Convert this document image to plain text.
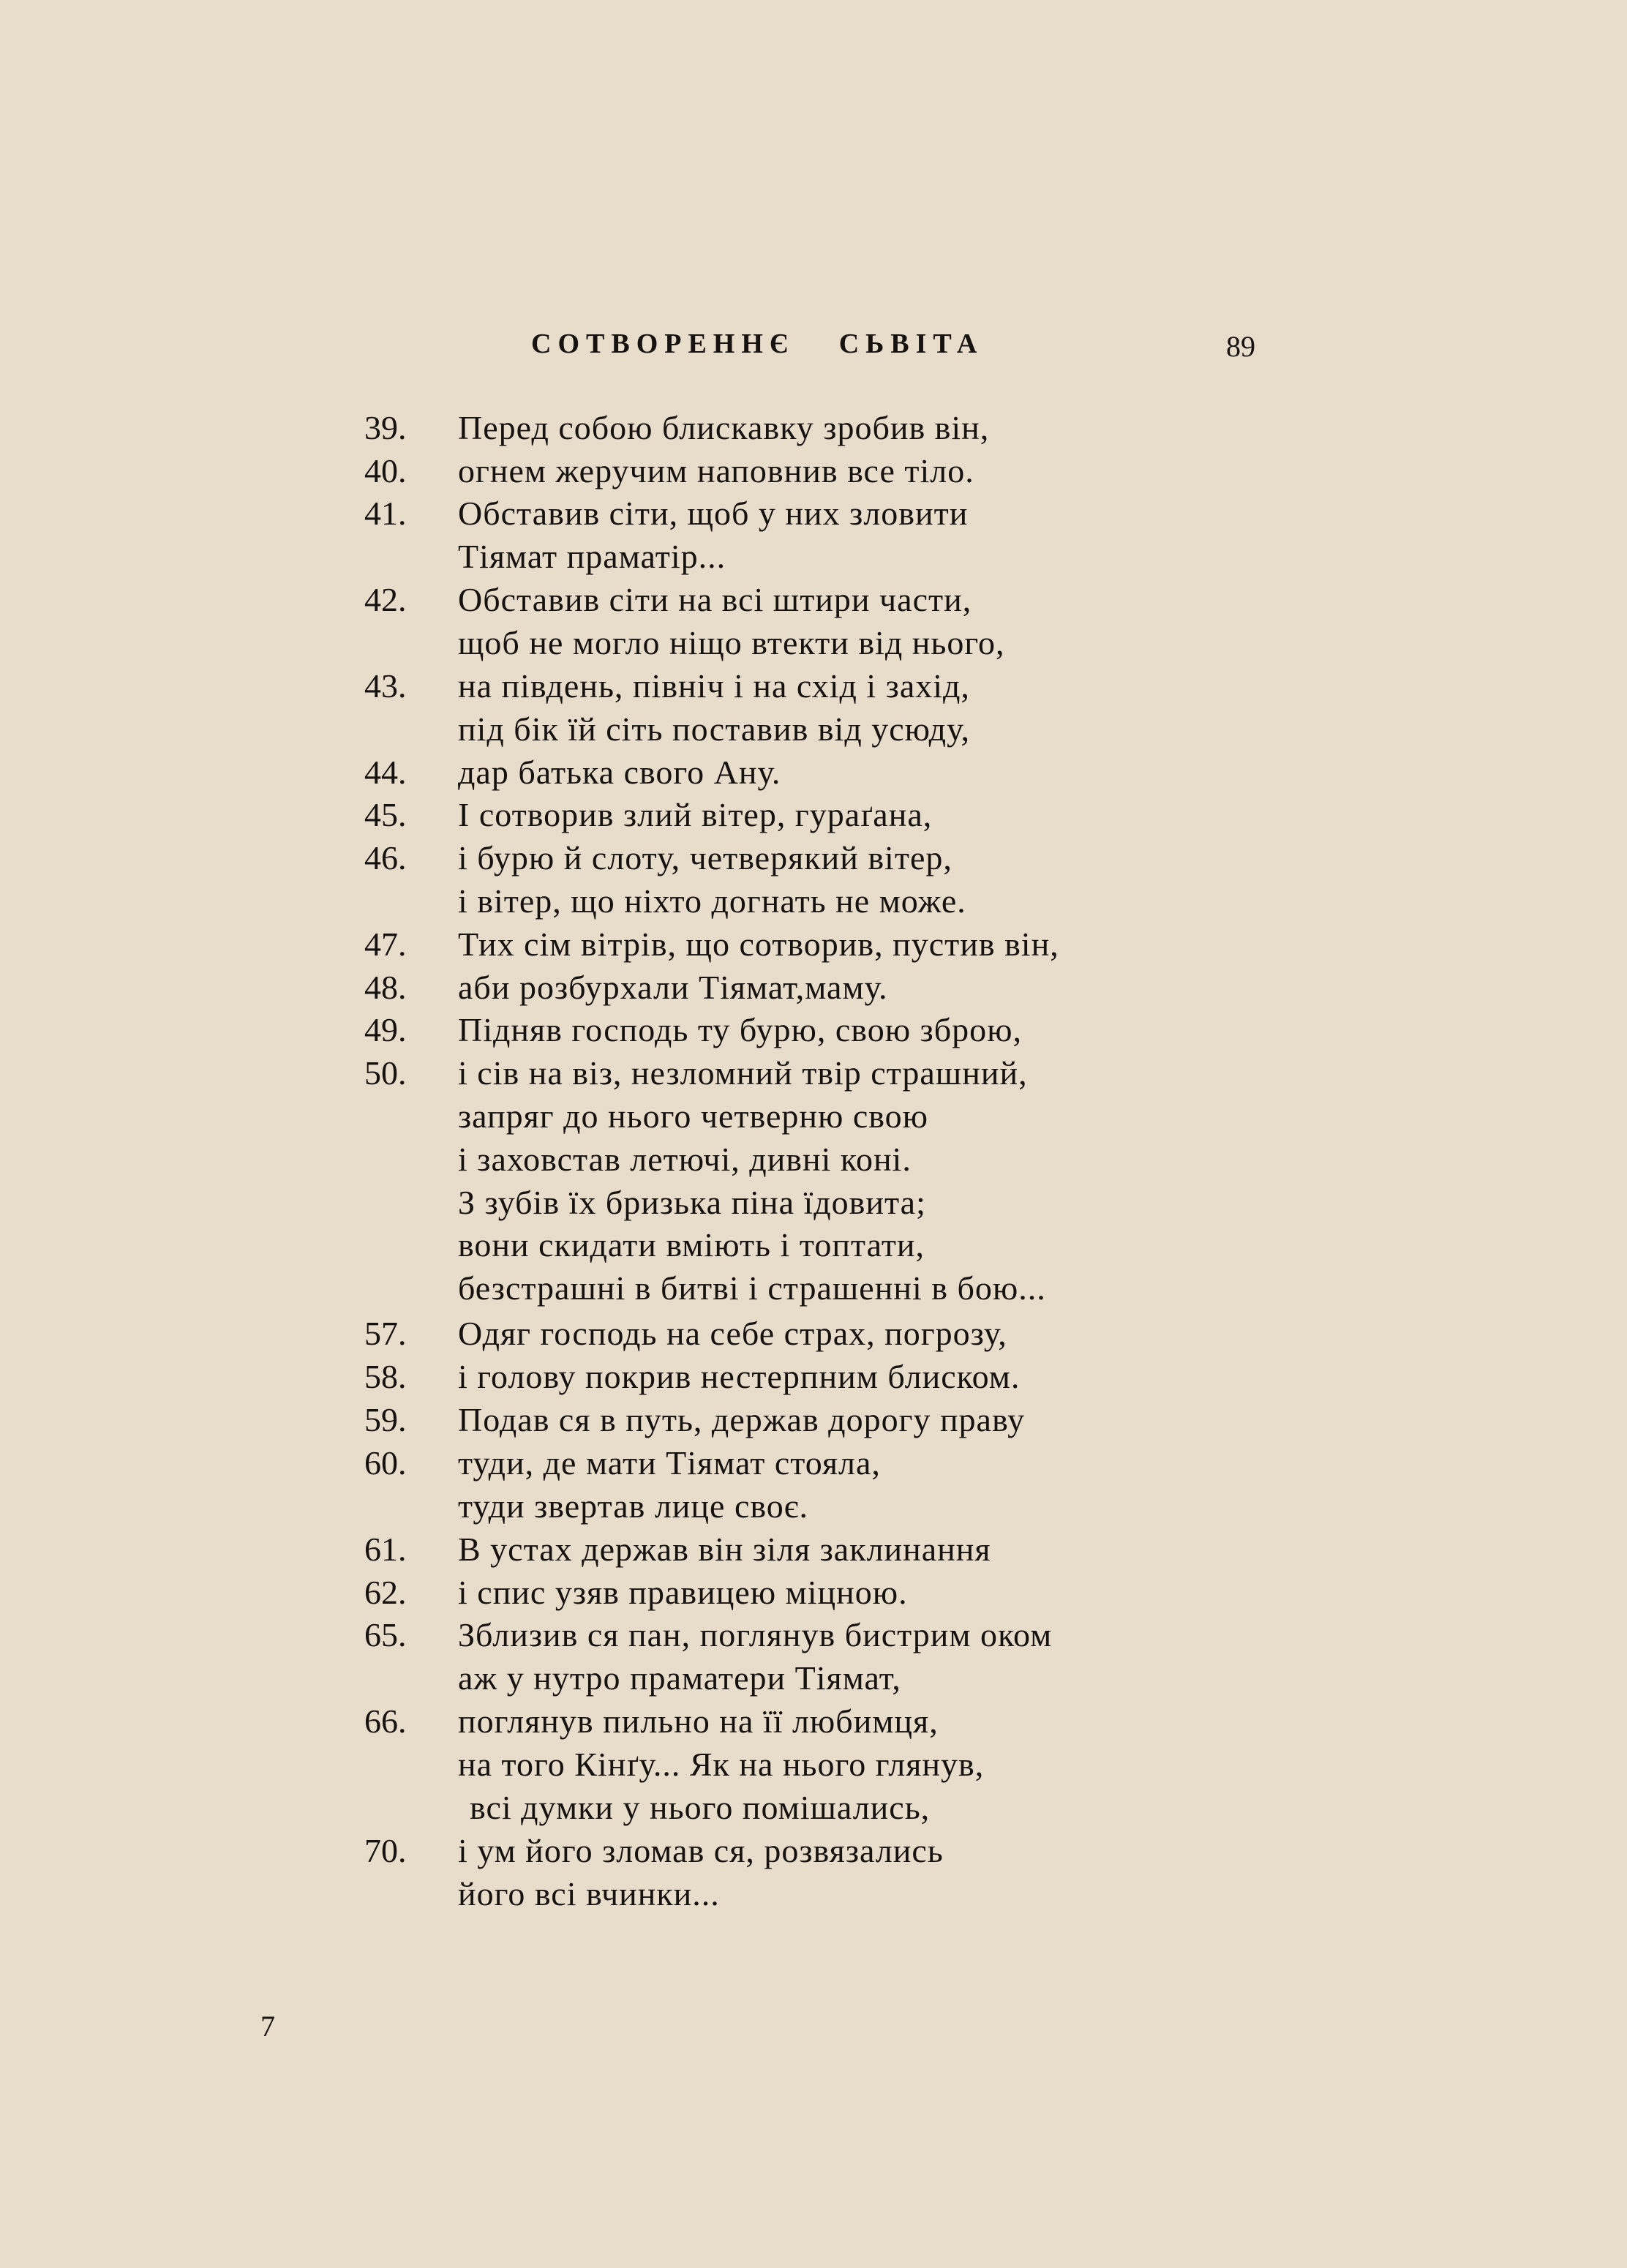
СОТВОРЕННЄ СЬВІТА	89
39. Перед собою блискавку зробив він,
40. огнем жеручим наповнив все тіло.
41. Обставив сіти, щоб у них зловити
Тіямат праматір...
42. Обставив сіти на всі штири части,
щоб не могло ніщо втекти від нього,
43. на південь, північ і на схід і захід,
під бік їй сіть поставив від усюду,
44. дар батька свого Ану.
45. І сотворив злий вітер, гураґана,
46. і бурю й слоту, четверякий вітер,
і вітер, що ніхто догнать не може.
47. Тих сім вітрів, що сотворив, пустив він,
48. аби розбурхали Тіямат,маму.
49. Підняв господь ту бурю, свою зброю,
50. і сів на віз, незломний твір страшний,
запряг до нього четверню свою
і заховстав летючі, дивні коні.
З зубів їх бризька піна їдовита;
вони скидати вміють і топтати,
безстрашні в битві і страшенні в бою...
57. Одяг господь на себе страх, погрозу,
58. і голову покрив нестерпним блиском.
59. Подав ся в путь, держав дорогу праву
60. туди, де мати Тіямат стояла,
туди звертав лице своє.
61. В устах держав він зіля заклинання
62. і спис узяв правицею міцною.
65. Зблизив ся пан, поглянув бистрим оком
аж у нутро праматери Тіямат,
66. поглянув пильно на її любимця,
на того Кінґу... Як на нього глянув,
всі думки у нього помішались,
70. і ум його зломав ся, розвязались
його всі вчинки...
7
